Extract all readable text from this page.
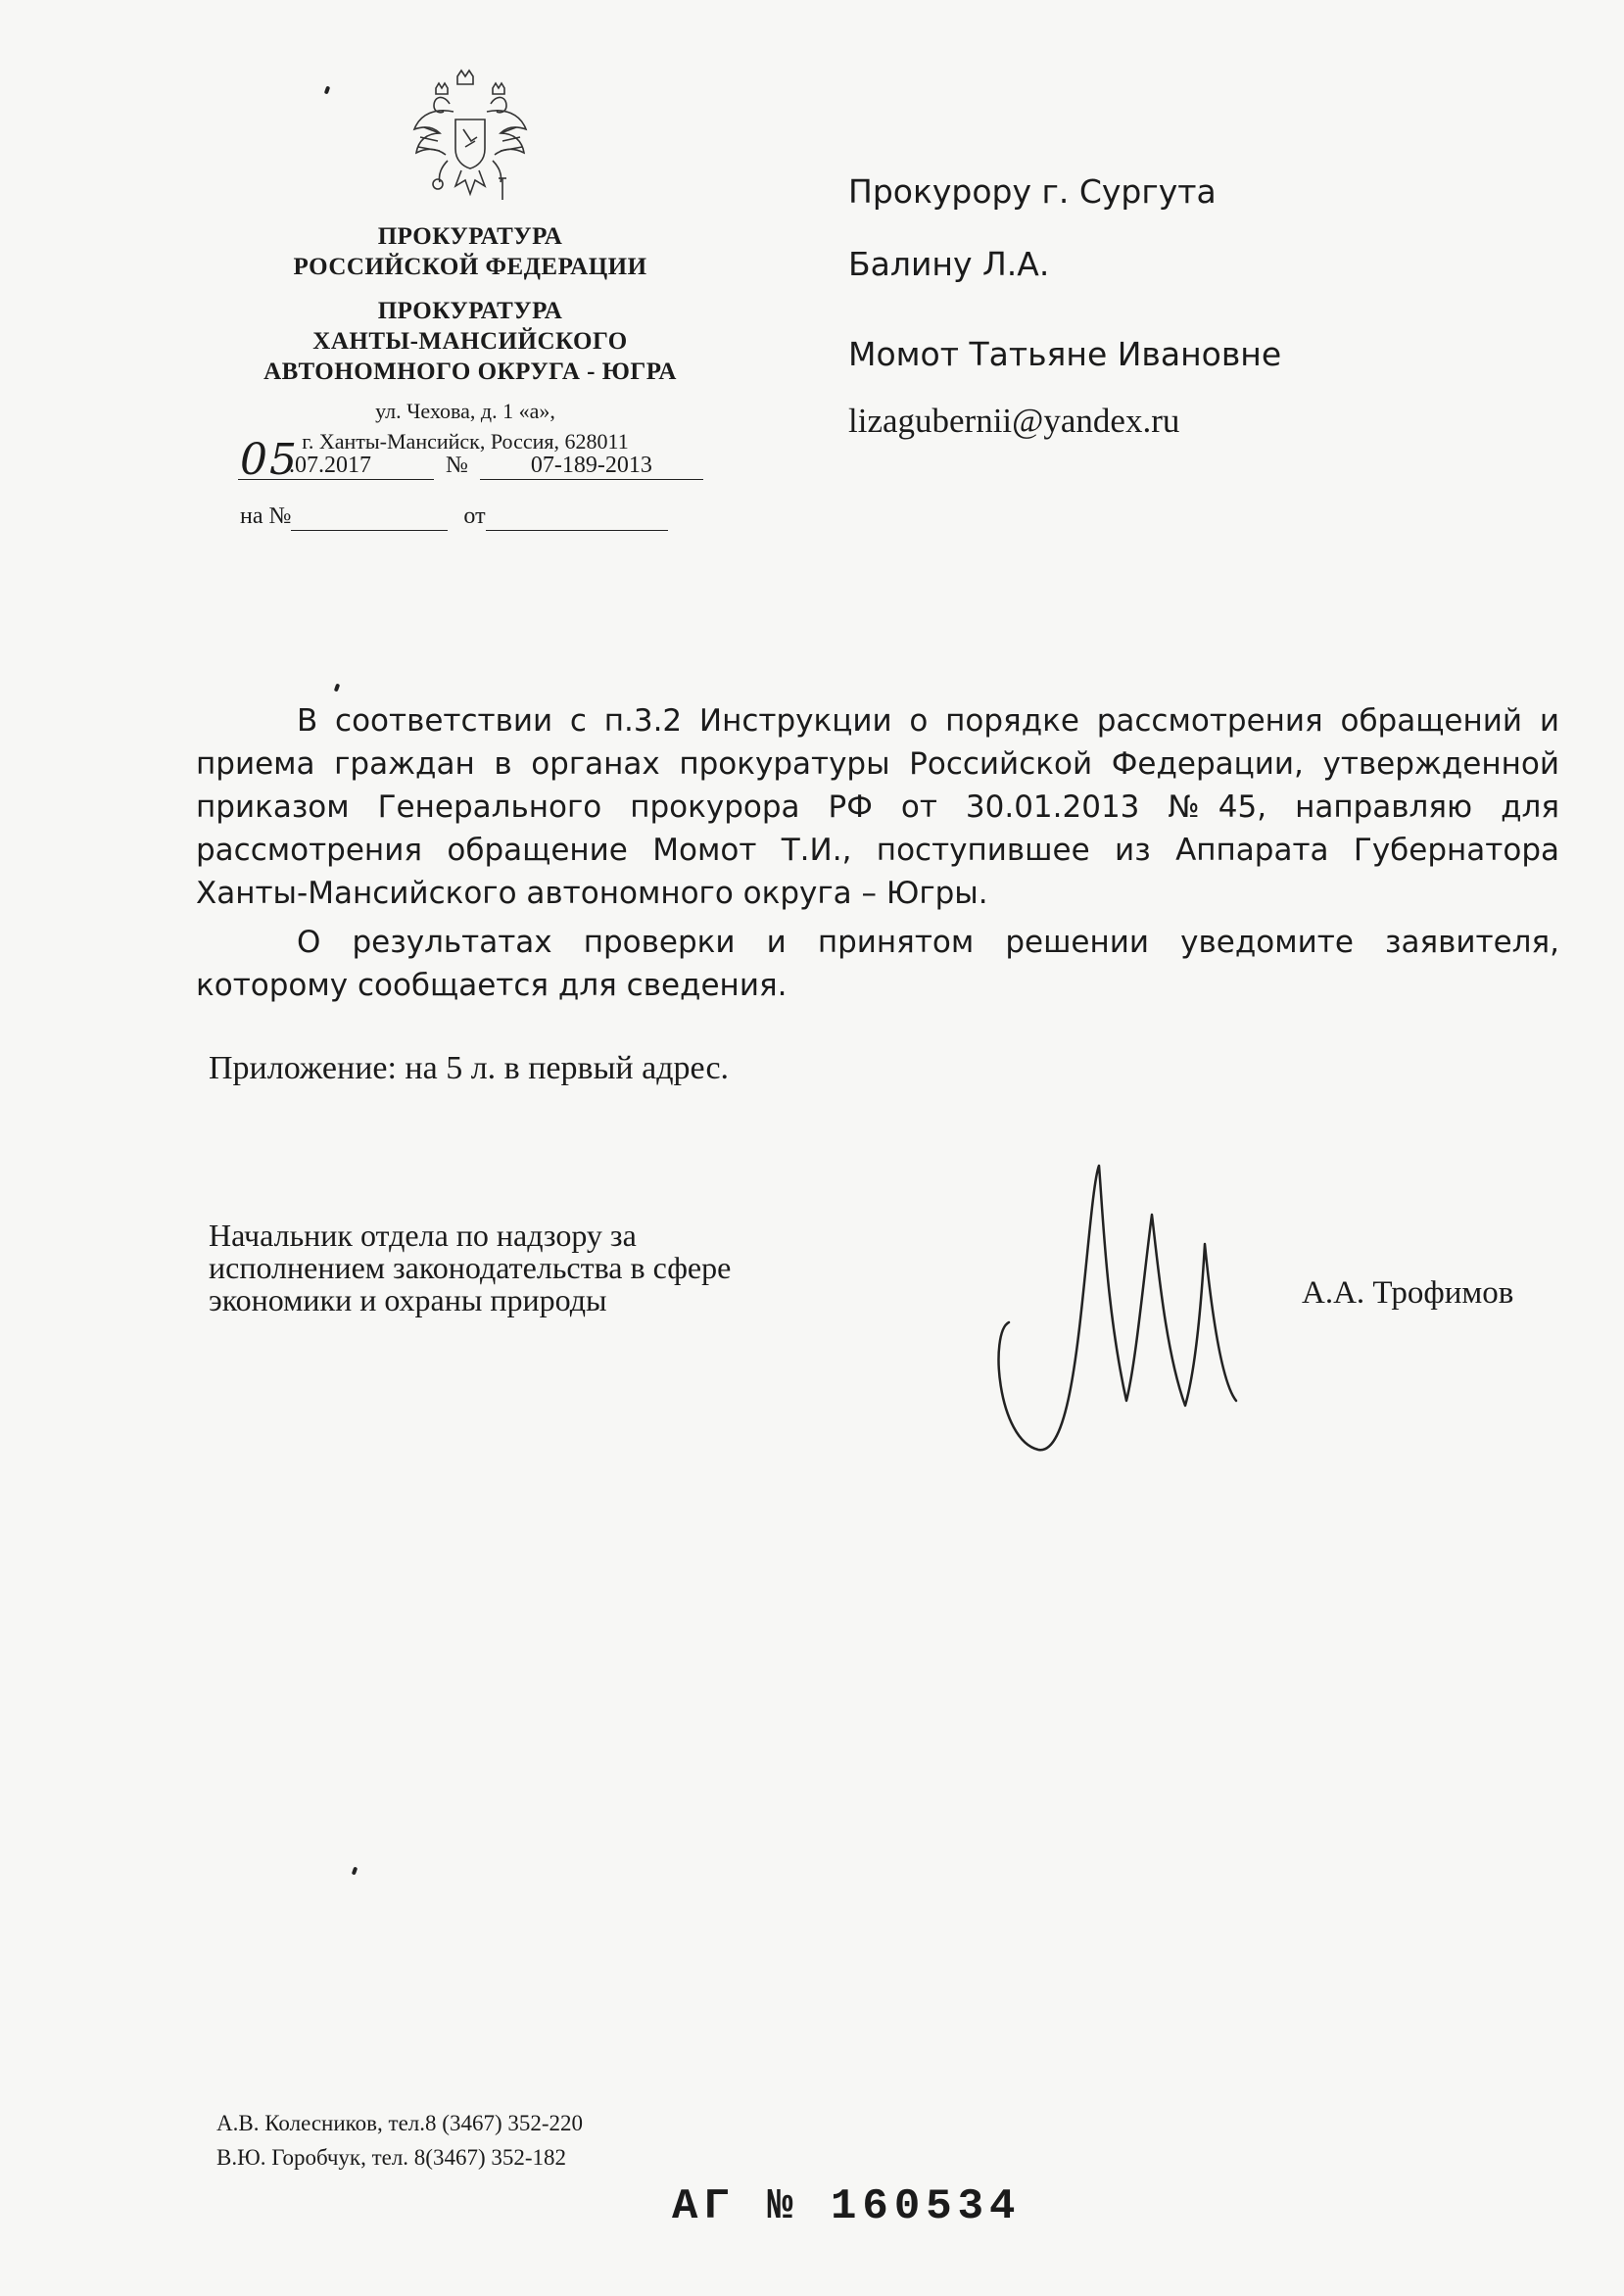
ПРОКУРАТУРА
РОССИЙСКОЙ ФЕДЕРАЦИИ
ПРОКУРАТУРА
ХАНТЫ-МАНСИЙСКОГО
АВТОНОМНОГО ОКРУГА - ЮГРА
ул. Чехова, д. 1 «а»,
г. Ханты-Мансийск, Россия, 628011
05
.07.2017	№	07-189-2013
на №	от
Прокурору г. Сургута
Балину Л.А.
Момот Татьяне Ивановне
lizagubernii@yandex.ru

В соответствии с п.3.2 Инструкции о порядке рассмотрения обращений и приема граждан в органах прокуратуры Российской Федерации, утвержденной приказом Генерального прокурора РФ от 30.01.2013 №45, направляю для рассмотрения обращение Момот Т.И., поступившее из Аппарата Губернатора Ханты-Мансийского автономного округа – Югры.

О результатах проверки и принятом решении уведомите заявителя, которому сообщается для сведения.

Приложение: на 5 л. в первый адрес.
Начальник отдела по надзору за
исполнением законодательства в сфере
экономики и охраны природы	А.А. Трофимов
А.В. Колесников, тел.8 (3467) 352-220
В.Ю. Горобчук, тел. 8(3467) 352-182
АГ № 160534
